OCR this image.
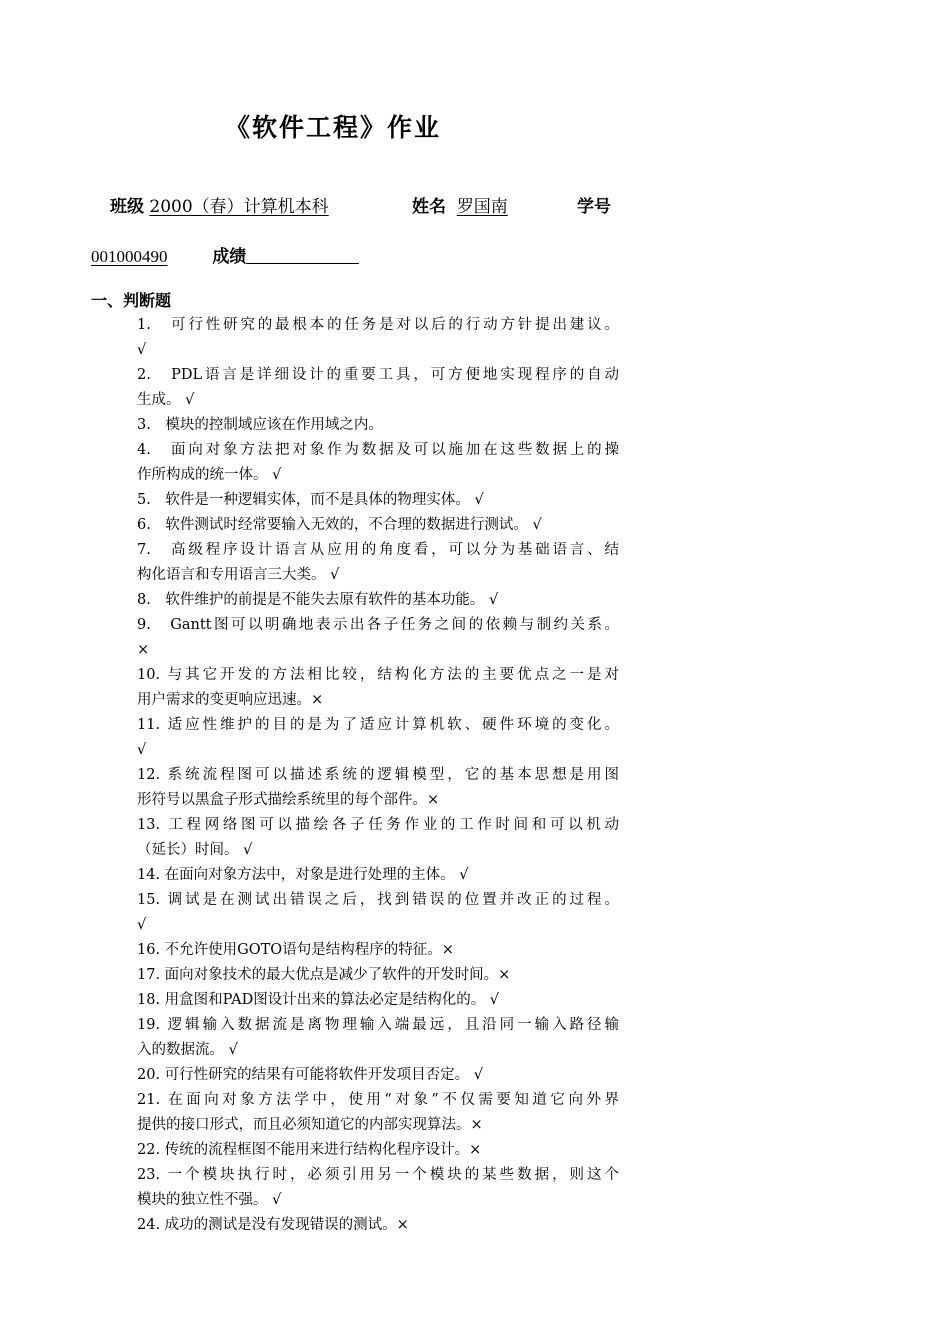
《软件工程》作业
班级 2000（春）计算机本科	姓名 罗国南	学号
001000490	成绩
一、判断题
1.　可行性研究的最根本的任务是对以后的行动方针提出建议。
√
2.　PDL语言是详细设计的重要工具，可方便地实现程序的自动
生成。 √
3.　模块的控制域应该在作用域之内。
4.　面向对象方法把对象作为数据及可以施加在这些数据上的操
作所构成的统一体。 √
5.　软件是一种逻辑实体，而不是具体的物理实体。 √
6.　软件测试时经常要输入无效的，不合理的数据进行测试。 √
7.　高级程序设计语言从应用的角度看，可以分为基础语言、结
构化语言和专用语言三大类。 √
8.　软件维护的前提是不能失去原有软件的基本功能。 √
9.　Gantt图可以明确地表示出各子任务之间的依赖与制约关系。
×
10. 与其它开发的方法相比较，结构化方法的主要优点之一是对
用户需求的变更响应迅速。×
11. 适应性维护的目的是为了适应计算机软、硬件环境的变化。
√
12. 系统流程图可以描述系统的逻辑模型，它的基本思想是用图
形符号以黑盒子形式描绘系统里的每个部件。×
13. 工程网络图可以描绘各子任务作业的工作时间和可以机动
（延长）时间。 √
14. 在面向对象方法中，对象是进行处理的主体。 √
15. 调试是在测试出错误之后，找到错误的位置并改正的过程。
√
16. 不允许使用GOTO语句是结构程序的特征。×
17. 面向对象技术的最大优点是减少了软件的开发时间。×
18. 用盒图和PAD图设计出来的算法必定是结构化的。 √
19. 逻辑输入数据流是离物理输入端最远，且沿同一输入路径输
入的数据流。 √
20. 可行性研究的结果有可能将软件开发项目否定。 √
21. 在面向对象方法学中，使用“对象”不仅需要知道它向外界
提供的接口形式，而且必须知道它的内部实现算法。×
22. 传统的流程框图不能用来进行结构化程序设计。×
23. 一个模块执行时，必须引用另一个模块的某些数据，则这个
模块的独立性不强。 √
24. 成功的测试是没有发现错误的测试。×
